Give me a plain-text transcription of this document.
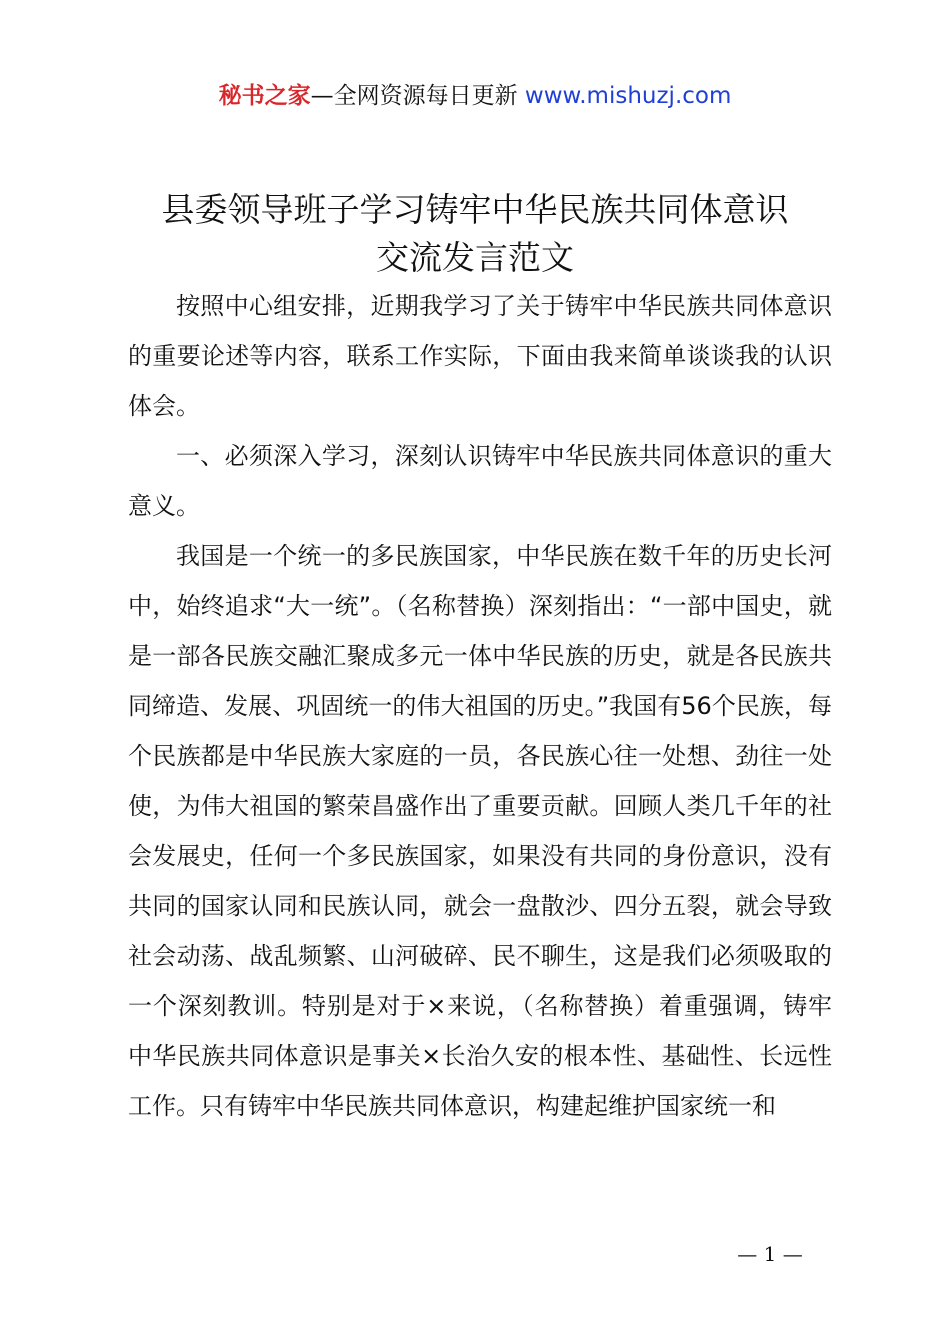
秘书之家—全网资源每日更新 www.mishuzj.com
县委领导班子学习铸牢中华民族共同体意识
交流发言范文

按照中心组安排，近期我学习了关于铸牢中华民族共同体意识的重要论述等内容，联系工作实际，下面由我来简单谈谈我的认识体会。

一、必须深入学习，深刻认识铸牢中华民族共同体意识的重大意义。

我国是一个统一的多民族国家，中华民族在数千年的历史长河中，始终追求“大一统”。（名称替换）深刻指出：“一部中国史，就是一部各民族交融汇聚成多元一体中华民族的历史，就是各民族共同缔造、发展、巩固统一的伟大祖国的历史。”我国有56个民族，每个民族都是中华民族大家庭的一员，各民族心往一处想、劲往一处使，为伟大祖国的繁荣昌盛作出了重要贡献。回顾人类几千年的社会发展史，任何一个多民族国家，如果没有共同的身份意识，没有共同的国家认同和民族认同，就会一盘散沙、四分五裂，就会导致社会动荡、战乱频繁、山河破碎、民不聊生，这是我们必须吸取的一个深刻教训。特别是对于×来说，（名称替换）着重强调，铸牢中华民族共同体意识是事关×长治久安的根本性、基础性、长远性工作。只有铸牢中华民族共同体意识，构建起维护国家统一和

— 1 —
